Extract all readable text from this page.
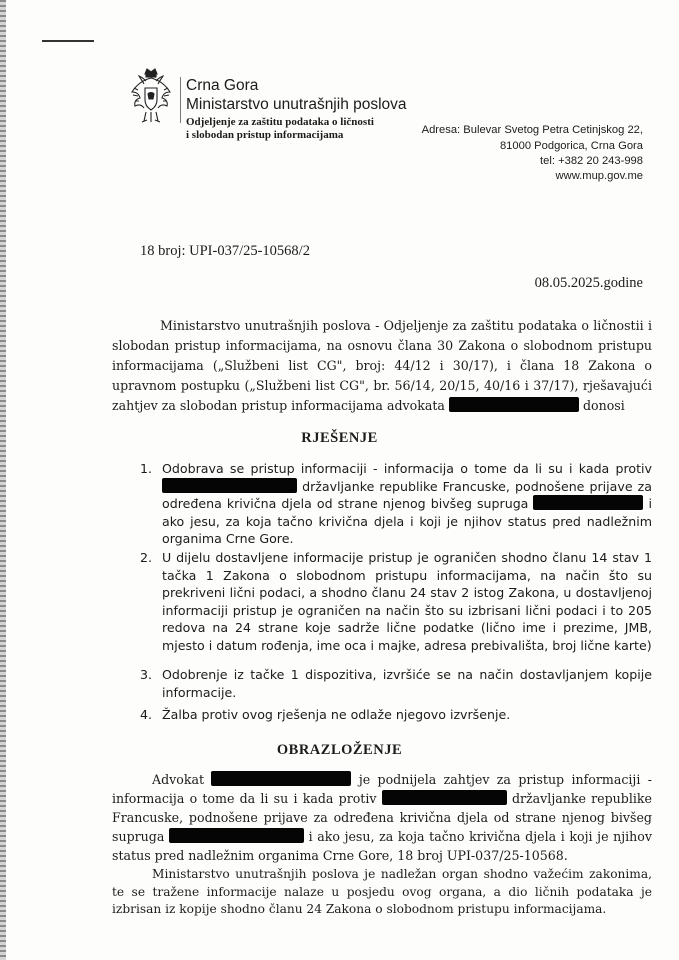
Crna Gora
Ministarstvo unutrašnjih poslova
Odjeljenje za zaštitu podataka o ličnosti
i slobodan pristup informacijama	Adresa: Bulevar Svetog Petra Cetinjskog 22,
81000 Podgorica, Crna Gora
tel: +382 20 243-998
www.mup.gov.me
18 broj: UPI-037/25-10568/2
08.05.2025.godine
Ministarstvo unutrašnjih poslova - Odjeljenje za zaštitu podataka o ličnostii i slobodan pristup informacijama, na osnovu člana 30 Zakona o slobodnom pristupu informacijama („Službeni list CG", broj: 44/12 i 30/17), i člana 18 Zakona o upravnom postupku („Službeni list CG", br. 56/14, 20/15, 40/16 i 37/17), rješavajući zahtjev za slobodan pristup informacijama advokata	donosi
RJEŠENJE
1. Odobrava se pristup informaciji - informacija o tome da li su i kada protiv  državljanke republike Francuske, podnošene prijave za određena krivična djela od strane njenog bivšeg supruga	i ako jesu, za koja tačno krivična djela i koji je njihov status pred nadležnim organima Crne Gore.
2. U dijelu dostavljene informacije pristup je ograničen shodno članu 14 stav 1 tačka 1 Zakona o slobodnom pristupu informacijama, na način što su prekriveni lični podaci, a shodno članu 24 stav 2 istog Zakona, u dostavljenoj informaciji pristup je ograničen na način što su izbrisani lični podaci i to 205 redova na 24 strane koje sadrže lične podatke (lično ime i prezime, JMB, mjesto i datum rođenja, ime oca i majke, adresa prebivališta, broj lične karte)
3. Odobrenje iz tačke 1 dispozitiva, izvršiće se na način dostavljanjem kopije informacije.
4. Žalba protiv ovog rješenja ne odlaže njegovo izvršenje.
OBRAZLOŽENJE
Advokat	je podnijela zahtjev za pristup informaciji - informacija o tome da li su i kada protiv	državljanke republike Francuske, podnošene prijave za određena krivična djela od strane njenog bivšeg supruga	i ako jesu, za koja tačno krivična djela i koji je njihov status pred nadležnim organima Crne Gore, 18 broj UPI-037/25-10568.
Ministarstvo unutrašnjih poslova je nadležan organ shodno važećim zakonima, te se tražene informacije nalaze u posjedu ovog organa, a dio ličnih podataka je izbrisan iz kopije shodno članu 24 Zakona o slobodnom pristupu informacijama.
